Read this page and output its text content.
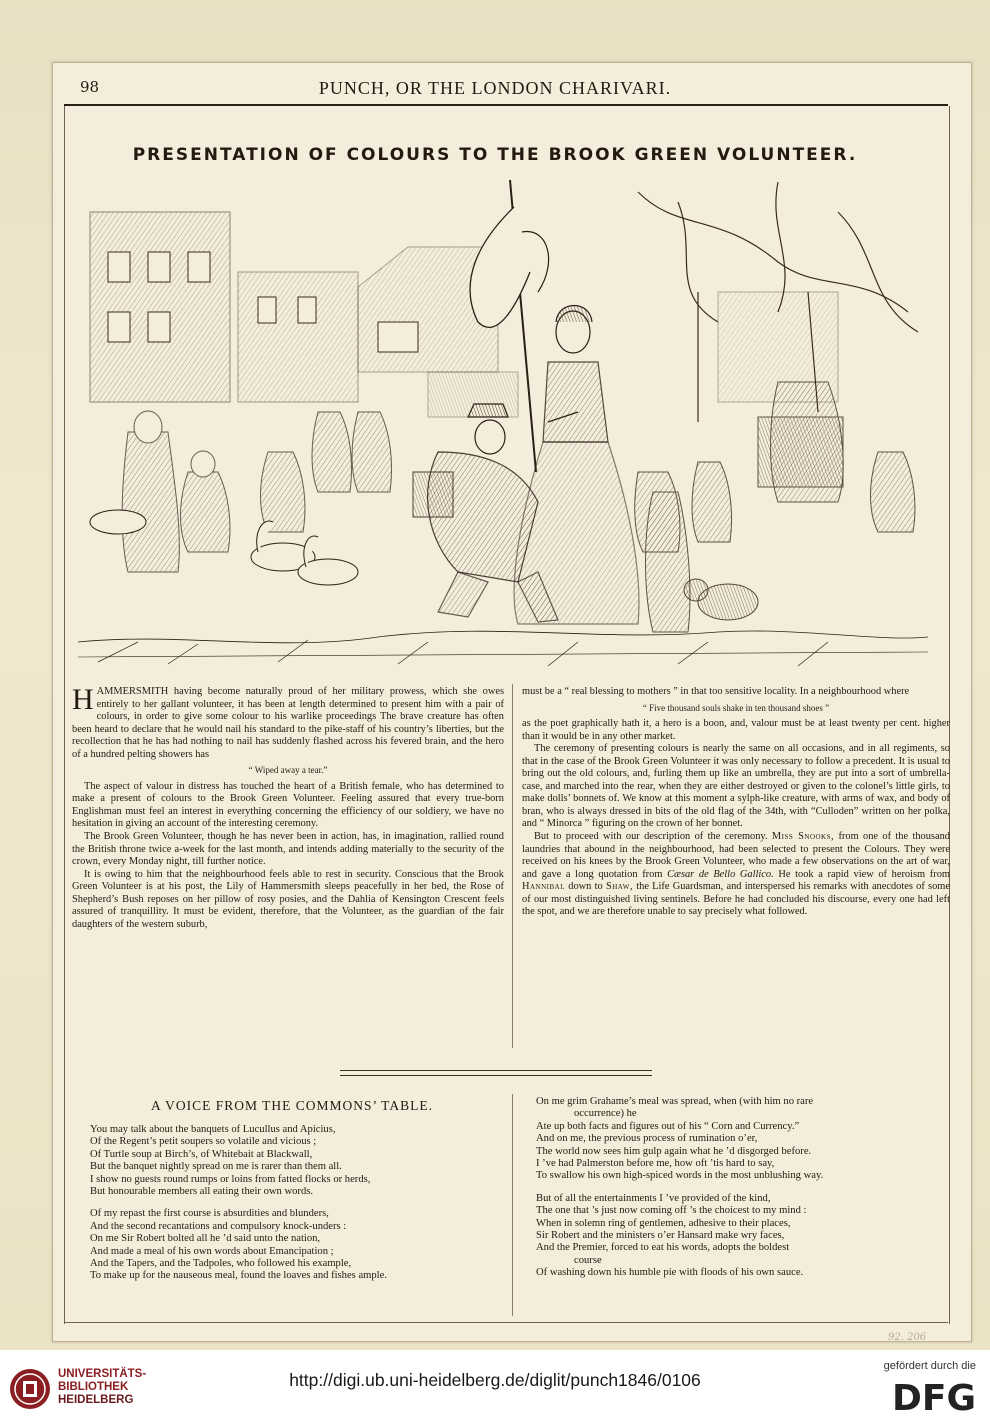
98	PUNCH, OR THE LONDON CHARIVARI.
PRESENTATION OF COLOURS TO THE BROOK GREEN VOLUNTEER.

HAMMERSMITH having become naturally proud of her military prowess, which she owes entirely to her gallant volunteer, it has been at length determined to present him with a pair of colours, in order to give some colour to his warlike proceedings The brave creature has often been heard to declare that he would nail his standard to the pike-staff of his country’s liberties, but the recollection that he has had nothing to nail has suddenly flashed across his fevered brain, and the hero of a hundred pelting showers has

“ Wiped away a tear.”

The aspect of valour in distress has touched the heart of a British female, who has determined to make a present of colours to the Brook Green Volunteer. Feeling assured that every true-born Englishman must feel an interest in everything concerning the efficiency of our soldiery, we have no hesitation in giving an account of the interesting ceremony.

The Brook Green Volunteer, though he has never been in action, has, in imagination, rallied round the British throne twice a-week for the last month, and intends adding materially to the security of the crown, every Monday night, till further notice.

It is owing to him that the neighbourhood feels able to rest in security. Conscious that the Brook Green Volunteer is at his post, the Lily of Hammersmith sleeps peacefully in her bed, the Rose of Shepherd’s Bush reposes on her pillow of rosy posies, and the Dahlia of Kensington Crescent feels assured of tranquillity. It must be evident, therefore, that the Volunteer, as the guardian of the fair daughters of the western suburb,

must be a “ real blessing to mothers ” in that too sensitive locality. In a neighbourhood where

“ Five thousand souls shake in ten thousand shoes ”

as the poet graphically hath it, a hero is a boon, and, valour must be at least twenty per cent. higher than it would be in any other market.

The ceremony of presenting colours is nearly the same on all occasions, and in all regiments, so that in the case of the Brook Green Volunteer it was only necessary to follow a precedent. It is usual to bring out the old colours, and, furling them up like an umbrella, they are put into a sort of umbrella-case, and marched into the rear, when they are either destroyed or given to the colonel’s little girls, to make dolls’ bonnets of. We know at this moment a sylph-like creature, with arms of wax, and body of bran, who is always dressed in bits of the old flag of the 34th, with “Culloden” written on her polka, and “ Minorca ” figuring on the crown of her bonnet.

But to proceed with our description of the ceremony. Miss Snooks, from one of the thousand laundries that abound in the neighbourhood, had been selected to present the Colours. They were received on his knees by the Brook Green Volunteer, who made a few observations on the art of war, and gave a long quotation from Cæsar de Bello Gallico. He took a rapid view of heroism from Hannibal down to Shaw, the Life Guardsman, and interspersed his remarks with anecdotes of some of our most distinguished living sentinels. Before he had concluded his discourse, every one had left the spot, and we are therefore unable to say precisely what followed.

A VOICE FROM THE COMMONS’ TABLE.
You may talk about the banquets of Lucullus and Apicius,
Of the Regent’s petit soupers so volatile and vicious ;
Of Turtle soup at Birch’s, of Whitebait at Blackwall,
But the banquet nightly spread on me is rarer than them all.
I show no guests round rumps or loins from fatted flocks or herds,
But honourable members all eating their own words.
Of my repast the first course is absurdities and blunders,
And the second recantations and compulsory knock-unders :
On me Sir Robert bolted all he ’d said unto the nation,
And made a meal of his own words about Emancipation ;
And the Tapers, and the Tadpoles, who followed his example,
To make up for the nauseous meal, found the loaves and fishes ample.
On me grim Grahame’s meal was spread, when (with him no rare
occurrence) he
Ate up both facts and figures out of his “ Corn and Currency.”
And on me, the previous process of rumination o’er,
The world now sees him gulp again what he ’d disgorged before.
I ’ve had Palmerston before me, how oft ’tis hard to say,
To swallow his own high-spiced words in the most unblushing way.
But of all the entertainments I ’ve provided of the kind,
The one that ’s just now coming off ’s the choicest to my mind :
When in solemn ring of gentlemen, adhesive to their places,
Sir Robert and the ministers o’er Hansard make wry faces,
And the Premier, forced to eat his words, adopts the boldest
course
Of washing down his humble pie with floods of his own sauce.
92. 206
UNIVERSITÄTS-
BIBLIOTHEK
HEIDELBERG
http://digi.ub.uni-heidelberg.de/diglit/punch1846/0106
gefördert durch die
DFG
